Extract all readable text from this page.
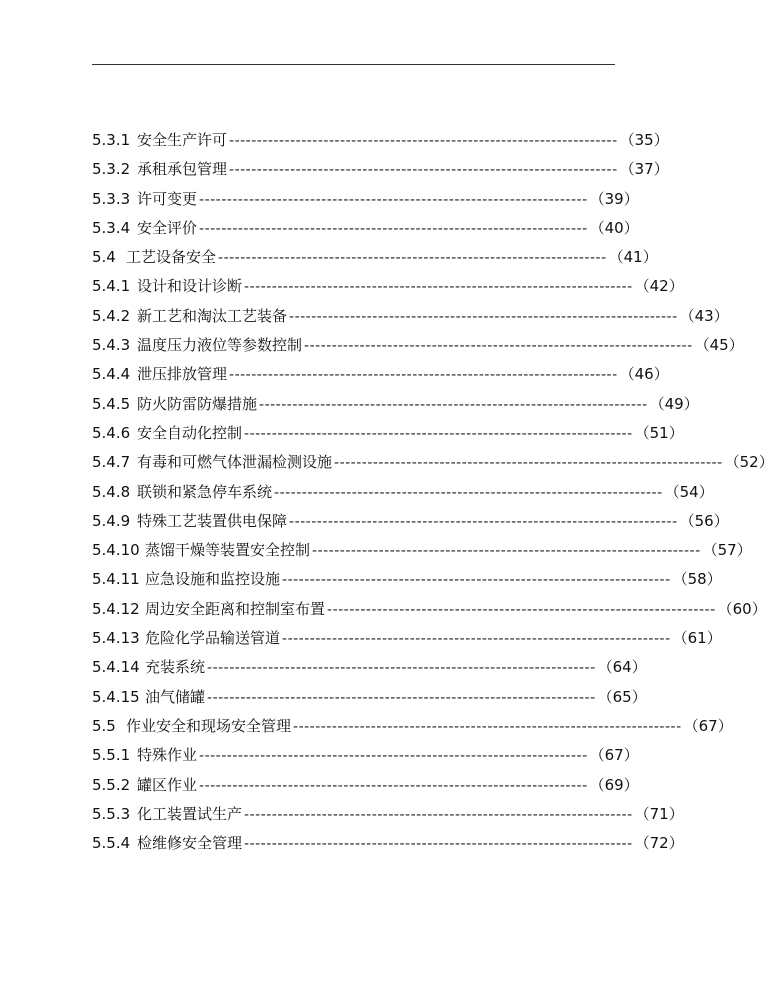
5.3.1 安全生产许可 ---------------------------------------------------------------------- （35）
5.3.2 承租承包管理 ---------------------------------------------------------------------- （37）
5.3.3 许可变更 ---------------------------------------------------------------------- （39）
5.3.4 安全评价 ---------------------------------------------------------------------- （40）
5.4 工艺设备安全 ---------------------------------------------------------------------- （41）
5.4.1 设计和设计诊断 ---------------------------------------------------------------------- （42）
5.4.2 新工艺和淘汰工艺装备 ---------------------------------------------------------------------- （43）
5.4.3 温度压力液位等参数控制 ---------------------------------------------------------------------- （45）
5.4.4 泄压排放管理 ---------------------------------------------------------------------- （46）
5.4.5 防火防雷防爆措施 ---------------------------------------------------------------------- （49）
5.4.6 安全自动化控制 ---------------------------------------------------------------------- （51）
5.4.7 有毒和可燃气体泄漏检测设施 ---------------------------------------------------------------------- （52）
5.4.8 联锁和紧急停车系统 ---------------------------------------------------------------------- （54）
5.4.9 特殊工艺装置供电保障 ---------------------------------------------------------------------- （56）
5.4.10 蒸馏干燥等装置安全控制 ---------------------------------------------------------------------- （57）
5.4.11 应急设施和监控设施 ---------------------------------------------------------------------- （58）
5.4.12 周边安全距离和控制室布置 ---------------------------------------------------------------------- （60）
5.4.13 危险化学品输送管道 ---------------------------------------------------------------------- （61）
5.4.14 充装系统 ---------------------------------------------------------------------- （64）
5.4.15 油气储罐 ---------------------------------------------------------------------- （65）
5.5 作业安全和现场安全管理 ---------------------------------------------------------------------- （67）
5.5.1 特殊作业 ---------------------------------------------------------------------- （67）
5.5.2 罐区作业 ---------------------------------------------------------------------- （69）
5.5.3 化工装置试生产 ---------------------------------------------------------------------- （71）
5.5.4 检维修安全管理 ---------------------------------------------------------------------- （72）
